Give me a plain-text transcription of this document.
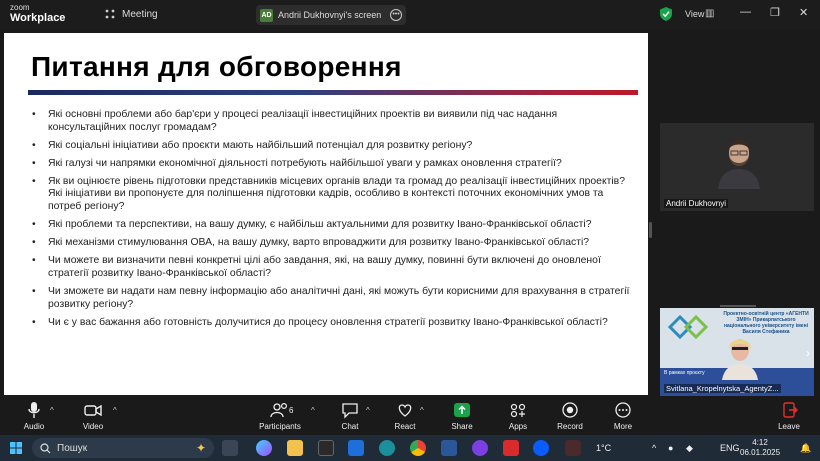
zoom
Workplace	Meeting	AD Andrii Dukhovnyi's screen	•••	View ▥ — ❐ ✕
Питання для обговорення
• Які основні проблеми або бар'єри у процесі реалізації інвестиційних проектів ви виявили під час надання консультаційних послуг громадам?
• Які соціальні ініціативи або проєкти мають найбільший потенціал для розвитку регіону?
• Які галузі чи напрямки економічної діяльності потребують найбільшої уваги у рамках оновлення стратегії?
• Як ви оцінюєте рівень підготовки представників місцевих органів влади та громад до реалізації інвестиційних проектів? Які ініціативи ви пропонуєте для поліпшення підготовки кадрів, особливо в контексті поточних економічних умов та потреб регіону?
• Які проблеми та перспективи, на вашу думку, є найбільш актуальними для розвитку Івано-Франківської області?
• Які механізми стимулювання ОВА, на вашу думку, варто впроваджити для розвитку Івано-Франківської області?
• Чи можете ви визначити певні конкретні цілі або завдання, які, на вашу думку, повинні бути включені до оновленої стратегії розвитку Івано-Франківської області?
• Чи зможете ви надати нам певну інформацію або аналітичні дані, які можуть бути корисними для врахування в стратегії розвитку регіону?
• Чи є у вас бажання або готовність долучитися до процесу оновлення стратегії розвитку Івано-Франківської області?
Andrii Dukhovnyi
Проектно-освітній центр «АГЕНТИ ЗМІН» Прикарпатського національного університету імені Василя Стефаника
В рамках проєкту
›
Svitlana_Kropelnytska_AgentyZ...
Audio
^
Video
^
Participants
6 ^
Chat
^
React
^
Share	Apps	Record	More	Leave
Пошук	✦	1°C	^ ● ◆	ENG
4:12
06.01.2025 🔔
